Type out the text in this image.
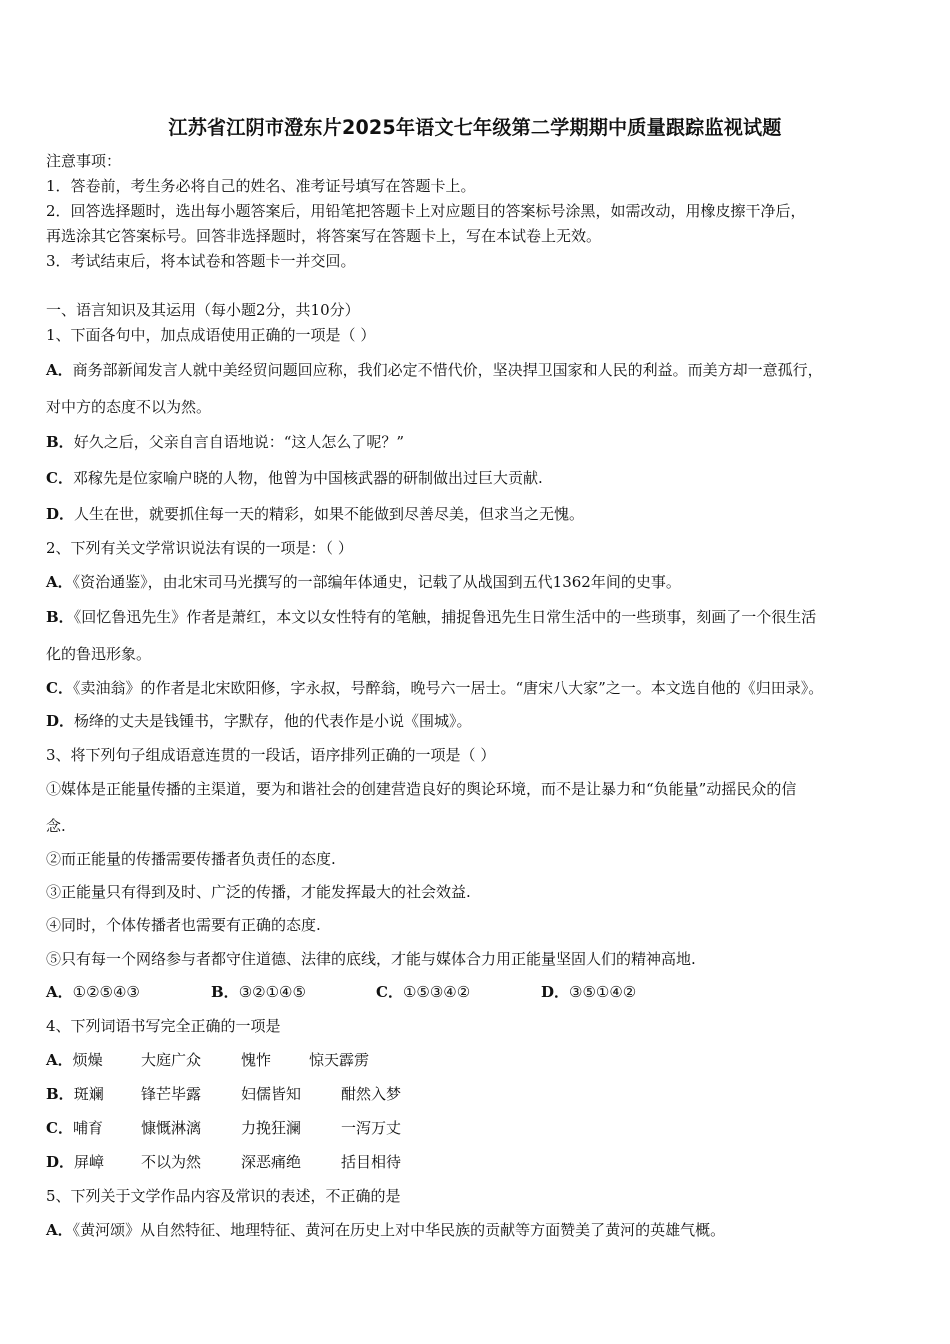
江苏省江阴市澄东片2025年语文七年级第二学期期中质量跟踪监视试题
注意事项：
1．答卷前，考生务必将自己的姓名、准考证号填写在答题卡上。
2．回答选择题时，选出每小题答案后，用铅笔把答题卡上对应题目的答案标号涂黑，如需改动，用橡皮擦干净后，
再选涂其它答案标号。回答非选择题时，将答案写在答题卡上，写在本试卷上无效。
3．考试结束后，将本试卷和答题卡一并交回。
一、语言知识及其运用（每小题2分，共10分）
1、下面各句中，加点成语使用正确的一项是（ ）
A．商务部新闻发言人就中美经贸问题回应称，我们必定不惜代价，坚决捍卫国家和人民的利益。而美方却一意孤行，
对中方的态度不以为然。
B．好久之后，父亲自言自语地说：“这人怎么了呢？”
C．邓稼先是位家喻户晓的人物，他曾为中国核武器的研制做出过巨大贡献.
D．人生在世，就要抓住每一天的精彩，如果不能做到尽善尽美，但求当之无愧。
2、下列有关文学常识说法有误的一项是：（ ）
A．《资治通鉴》，由北宋司马光撰写的一部编年体通史，记载了从战国到五代1362年间的史事。
B．《回忆鲁迅先生》作者是萧红，本文以女性特有的笔触，捕捉鲁迅先生日常生活中的一些琐事，刻画了一个很生活
化的鲁迅形象。
C．《卖油翁》的作者是北宋欧阳修，字永叔，号醉翁，晚号六一居士。“唐宋八大家”之一。本文选自他的《归田录》。
D．杨绛的丈夫是钱锺书，字默存，他的代表作是小说《围城》。
3、将下列句子组成语意连贯的一段话，语序排列正确的一项是（ ）
①媒体是正能量传播的主渠道，要为和谐社会的创建营造良好的舆论环境，而不是让暴力和“负能量”动摇民众的信
念.
②而正能量的传播需要传播者负责任的态度.
③正能量只有得到及时、广泛的传播，才能发挥最大的社会效益.
④同时，个体传播者也需要有正确的态度.
⑤只有每一个网络参与者都守住道德、法律的底线，才能与媒体合力用正能量坚固人们的精神高地.
A．①②⑤④③	B．③②①④⑤	C．①⑤③④②	D．③⑤①④②
4、下列词语书写完全正确的一项是
A．烦燥	大庭广众	愧怍	惊天霹雳
B．斑斓 锋芒毕露	妇儒皆知	酣然入梦
C．哺育	慷慨淋漓	力挽狂澜	一泻万丈
D．屏嶂 不以为然	深恶痛绝	括目相待
5、下列关于文学作品内容及常识的表述，不正确的是
A．《黄河颂》从自然特征、地理特征、黄河在历史上对中华民族的贡献等方面赞美了黄河的英雄气概。
